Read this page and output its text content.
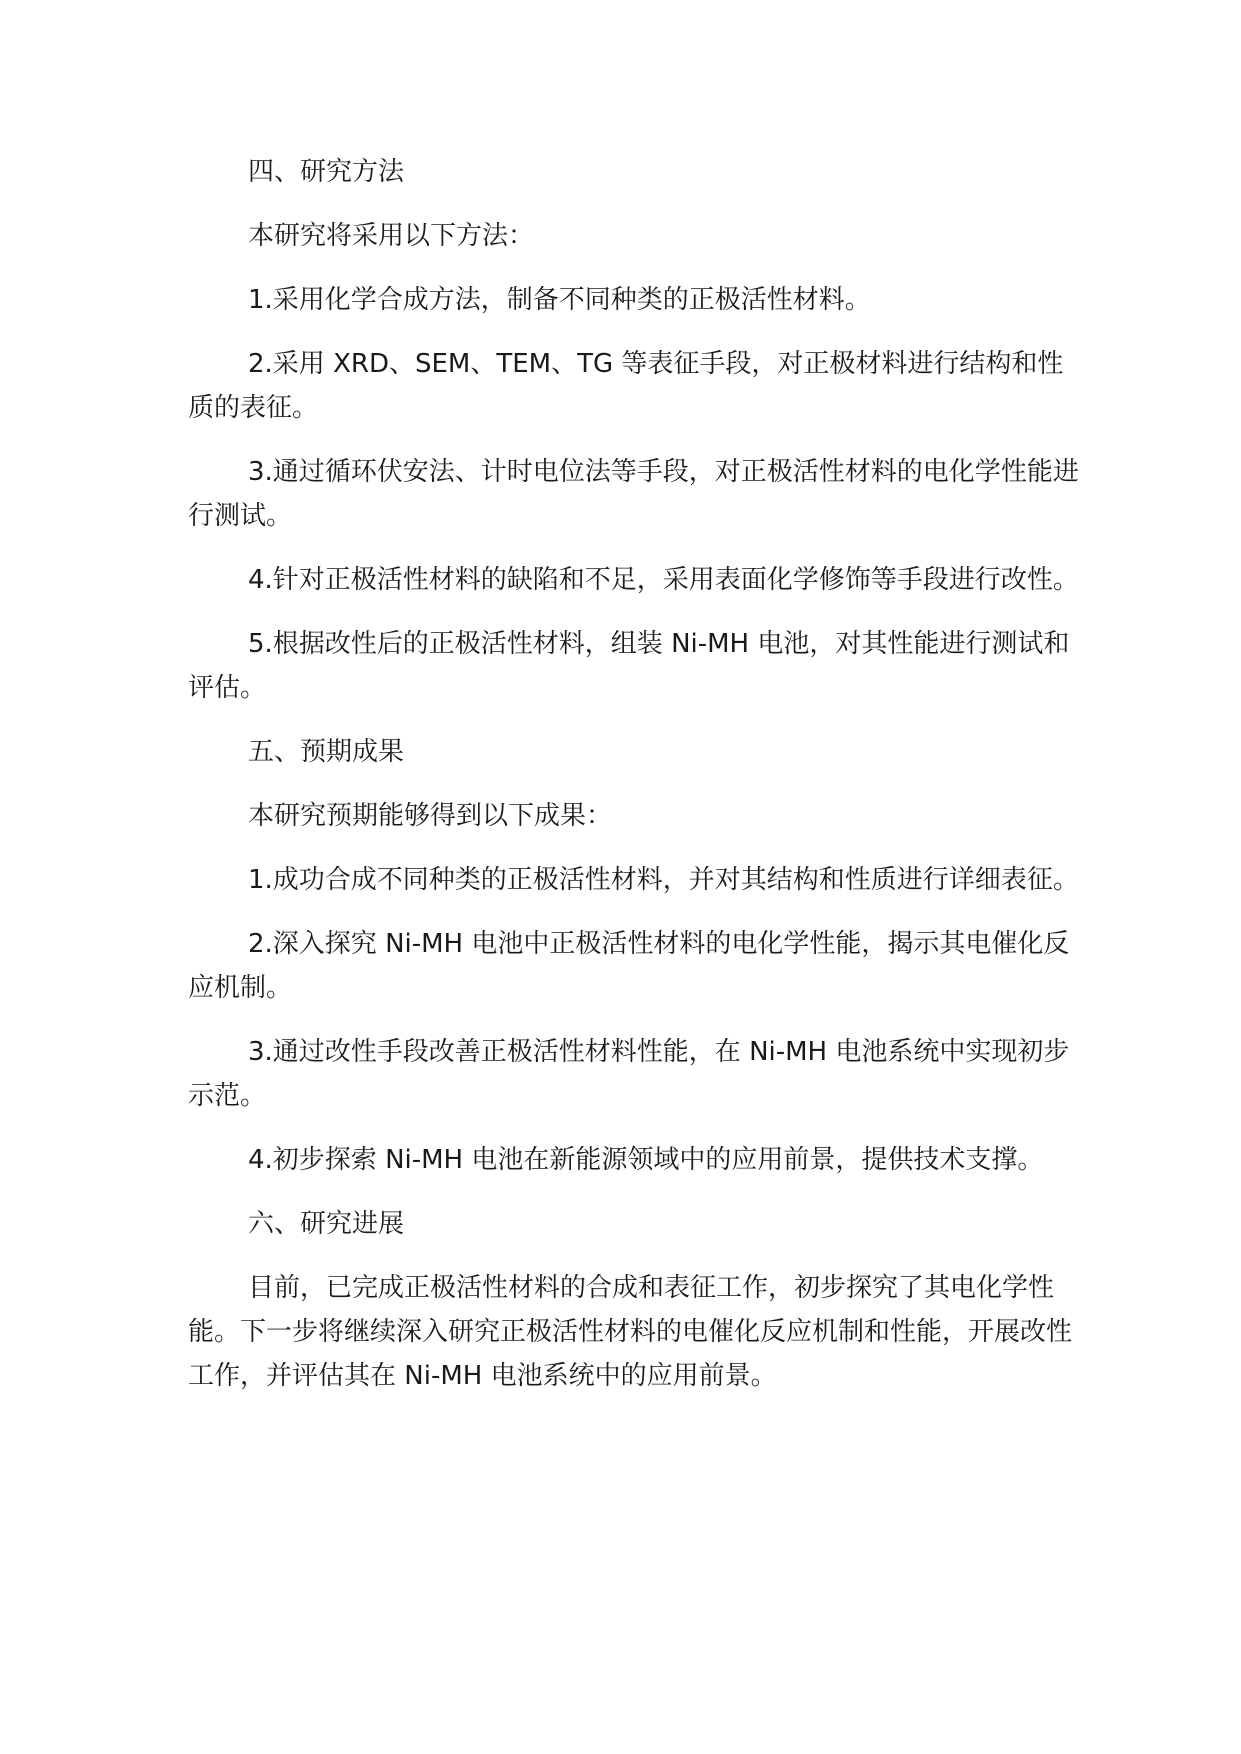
四、研究方法

本研究将采用以下方法：

1.采用化学合成方法，制备不同种类的正极活性材料。

2.采用 XRD、SEM、TEM、TG 等表征手段，对正极材料进行结构和性质的表征。

3.通过循环伏安法、计时电位法等手段，对正极活性材料的电化学性能进行测试。

4.针对正极活性材料的缺陷和不足，采用表面化学修饰等手段进行改性。

5.根据改性后的正极活性材料，组装 Ni-MH 电池，对其性能进行测试和评估。

五、预期成果

本研究预期能够得到以下成果：

1.成功合成不同种类的正极活性材料，并对其结构和性质进行详细表征。

2.深入探究 Ni-MH 电池中正极活性材料的电化学性能，揭示其电催化反应机制。

3.通过改性手段改善正极活性材料性能，在 Ni-MH 电池系统中实现初步示范。

4.初步探索 Ni-MH 电池在新能源领域中的应用前景，提供技术支撑。

六、研究进展

目前，已完成正极活性材料的合成和表征工作，初步探究了其电化学性能。下一步将继续深入研究正极活性材料的电催化反应机制和性能，开展改性工作，并评估其在 Ni-MH 电池系统中的应用前景。
